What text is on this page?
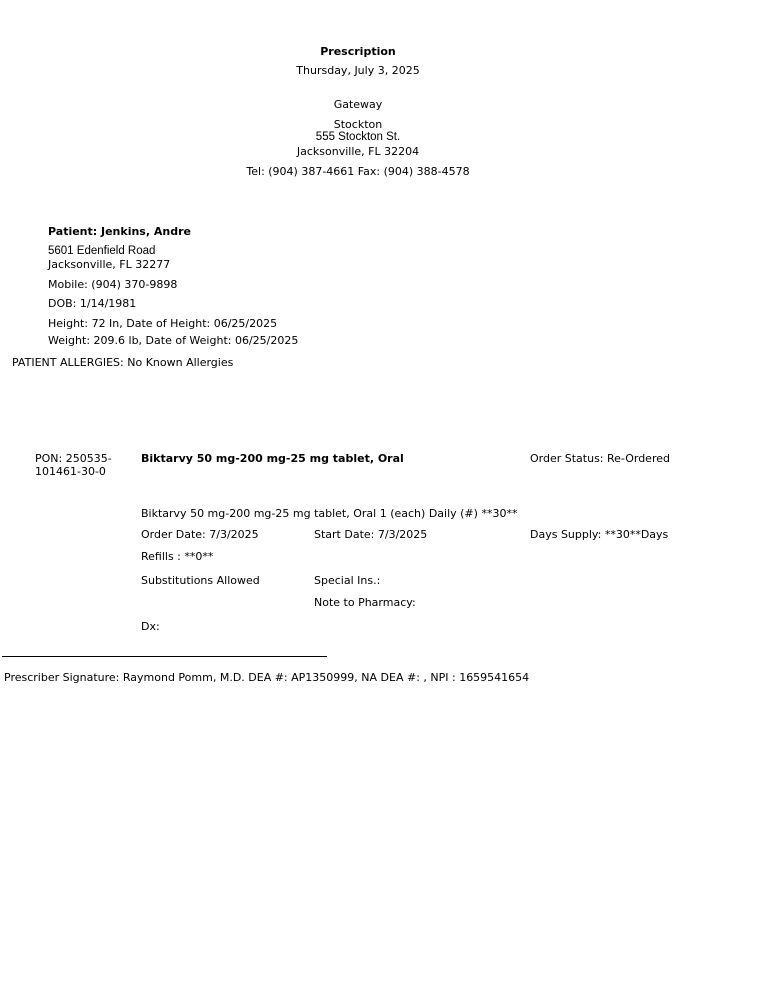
Prescription
Thursday, July 3, 2025
Gateway
Stockton
555 Stockton St.
Jacksonville, FL 32204
Tel: (904) 387-4661 Fax: (904) 388-4578
Patient: Jenkins, Andre
5601 Edenfield Road
Jacksonville, FL 32277
Mobile: (904) 370-9898
DOB: 1/14/1981
Height: 72 In, Date of Height: 06/25/2025
Weight: 209.6 lb, Date of Weight: 06/25/2025
PATIENT ALLERGIES: No Known Allergies
PON: 250535-
101461-30-0
Biktarvy 50 mg-200 mg-25 mg tablet, Oral	Order Status: Re-Ordered
Biktarvy 50 mg-200 mg-25 mg tablet, Oral 1 (each) Daily (#) **30**
Order Date: 7/3/2025	Start Date: 7/3/2025	Days Supply: **30**Days
Refills : **0**
Substitutions Allowed	Special Ins.:
Note to Pharmacy:
Dx:
Prescriber Signature: Raymond Pomm, M.D. DEA #: AP1350999, NA DEA #: , NPI : 1659541654
